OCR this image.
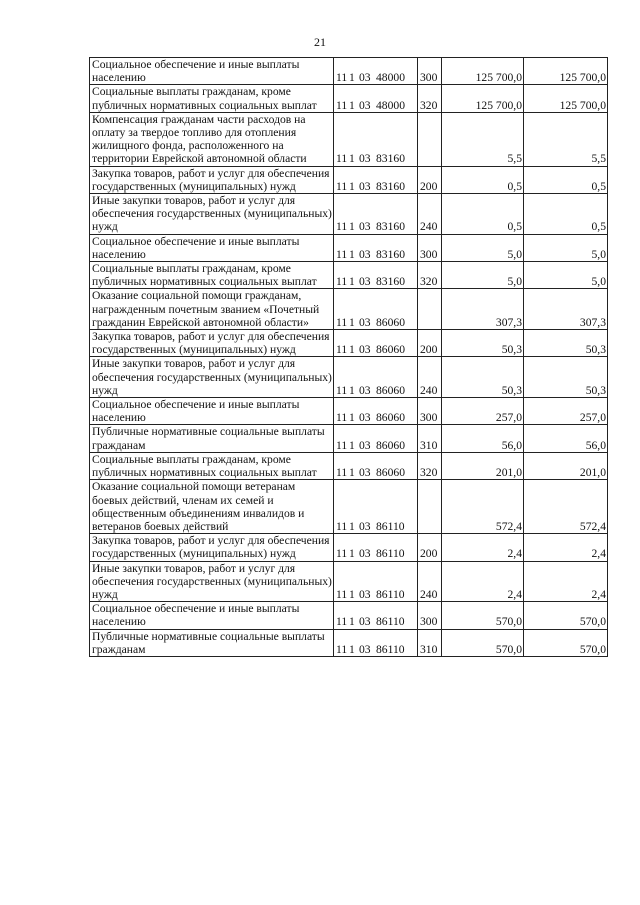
21
Социальное обеспечение и иные выплаты населению	11 1 03 48000	300	125 700,0	125 700,0
Социальные выплаты гражданам, кроме публичных нормативных социальных выплат	11 1 03 48000	320	125 700,0	125 700,0
Компенсация гражданам части расходов на оплату за твердое топливо для отопления жилищного фонда, расположенного на территории Еврейской автономной области	11 1 03 83160		5,5	5,5
Закупка товаров, работ и услуг для обеспечения государственных (муниципальных) нужд	11 1 03 83160	200	0,5	0,5
Иные закупки товаров, работ и услуг для обеспечения государственных (муниципальных) нужд	11 1 03 83160	240	0,5	0,5
Социальное обеспечение и иные выплаты населению	11 1 03 83160	300	5,0	5,0
Социальные выплаты гражданам, кроме публичных нормативных социальных выплат	11 1 03 83160	320	5,0	5,0
Оказание социальной помощи гражданам, награжденным почетным званием «Почетный гражданин Еврейской автономной области»	11 1 03 86060		307,3	307,3
Закупка товаров, работ и услуг для обеспечения государственных (муниципальных) нужд	11 1 03 86060	200	50,3	50,3
Иные закупки товаров, работ и услуг для обеспечения государственных (муниципальных) нужд	11 1 03 86060	240	50,3	50,3
Социальное обеспечение и иные выплаты населению	11 1 03 86060	300	257,0	257,0
Публичные нормативные социальные выплаты гражданам	11 1 03 86060	310	56,0	56,0
Социальные выплаты гражданам, кроме публичных нормативных социальных выплат	11 1 03 86060	320	201,0	201,0
Оказание социальной помощи ветеранам боевых действий, членам их семей и общественным объединениям инвалидов и ветеранов боевых действий	11 1 03 86110		572,4	572,4
Закупка товаров, работ и услуг для обеспечения государственных (муниципальных) нужд	11 1 03 86110	200	2,4	2,4
Иные закупки товаров, работ и услуг для обеспечения государственных (муниципальных) нужд	11 1 03 86110	240	2,4	2,4
Социальное обеспечение и иные выплаты населению	11 1 03 86110	300	570,0	570,0
Публичные нормативные социальные выплаты гражданам	11 1 03 86110	310	570,0	570,0
